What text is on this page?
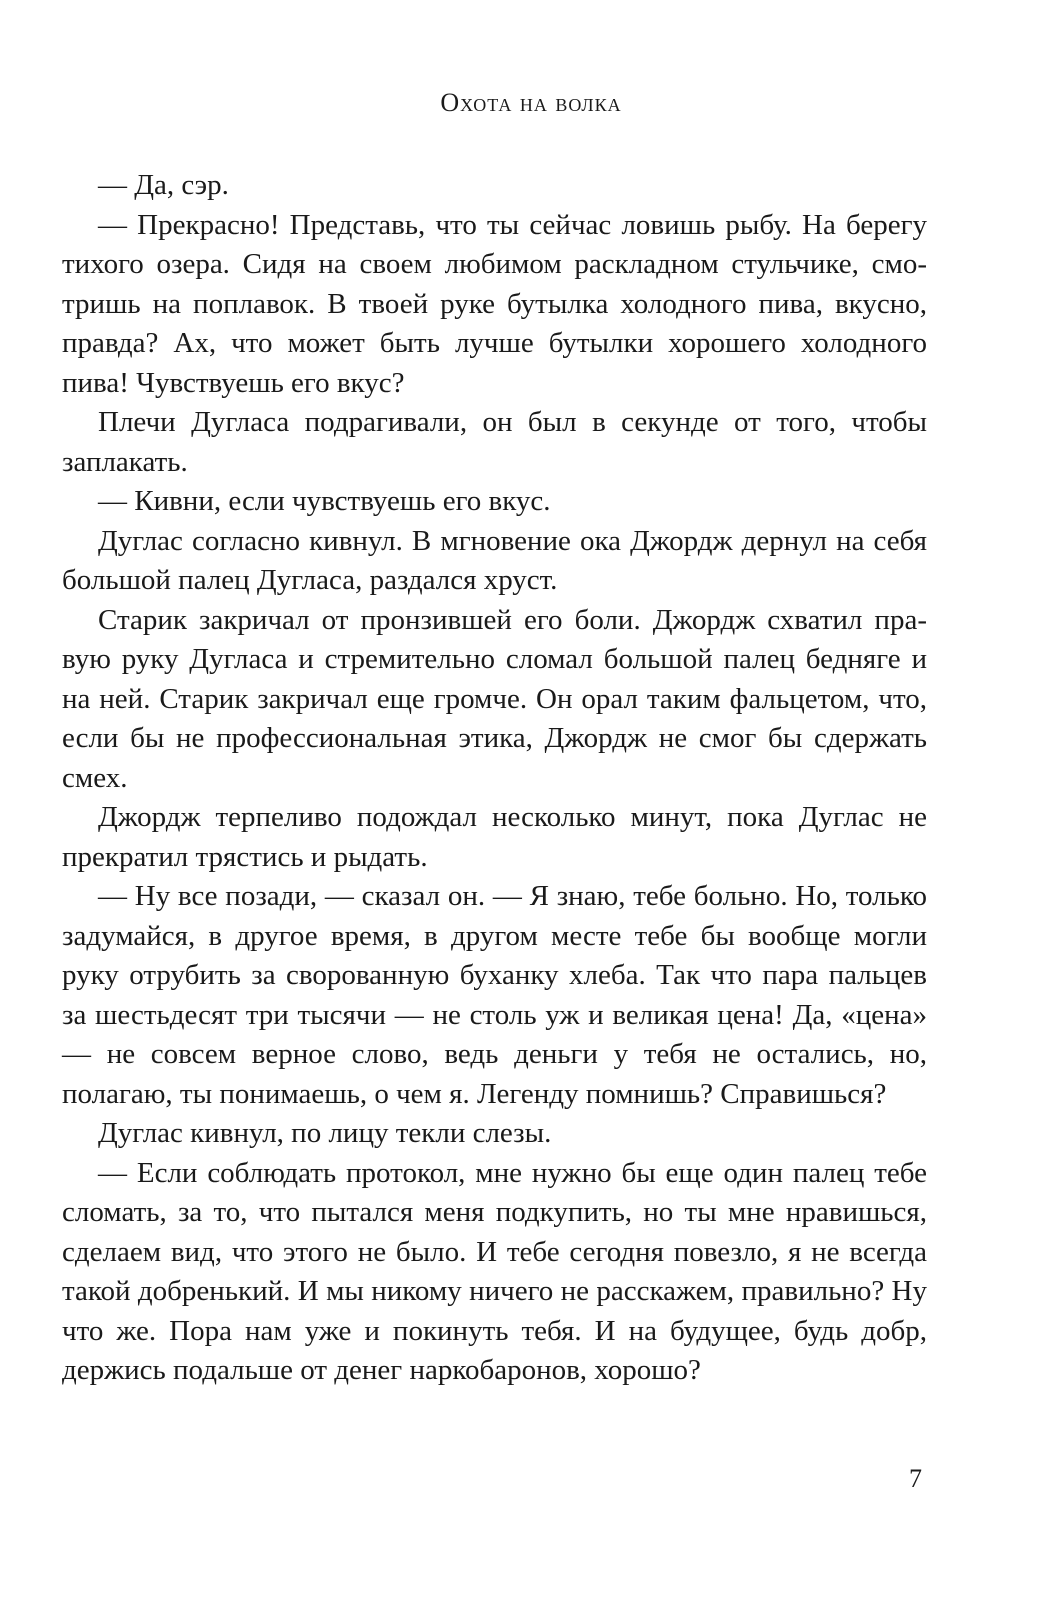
Охота на волка

— Да, сэр.

— Прекрасно! Представь, что ты сейчас ловишь рыбу. На берегу тихого озера. Сидя на своем любимом раскладном стульчике, смотришь на поплавок. В твоей руке бутылка холодного пива, вкусно, правда? Ах, что может быть лучше бутылки хорошего холодного пива! Чувствуешь его вкус?

Плечи Дугласа подрагивали, он был в секунде от того, чтобы заплакать.

— Кивни, если чувствуешь его вкус.

Дуглас согласно кивнул. В мгновение ока Джордж дернул на себя большой палец Дугласа, раздался хруст.

Старик закричал от пронзившей его боли. Джордж схватил правую руку Дугласа и стремительно сломал большой палец бедняге и на ней. Старик закричал еще громче. Он орал таким фальцетом, что, если бы не профессиональная этика, Джордж не смог бы сдержать смех.

Джордж терпеливо подождал несколько минут, пока Дуглас не прекратил трястись и рыдать.

— Ну все позади, — сказал он. — Я знаю, тебе больно. Но, только задумайся, в другое время, в другом месте тебе бы вообще могли руку отрубить за сворованную буханку хлеба. Так что пара пальцев за шестьдесят три тысячи — не столь уж и великая цена! Да, «цена» — не совсем верное слово, ведь деньги у тебя не остались, но, полагаю, ты понимаешь, о чем я. Легенду помнишь? Справишься?

Дуглас кивнул, по лицу текли слезы.

— Если соблюдать протокол, мне нужно бы еще один палец тебе сломать, за то, что пытался меня подкупить, но ты мне нравишься, сделаем вид, что этого не было. И тебе сегодня повезло, я не всегда такой добренький. И мы никому ничего не расскажем, правильно? Ну что же. Пора нам уже и покинуть тебя. И на будущее, будь добр, держись подальше от денег наркобаронов, хорошо?

7
